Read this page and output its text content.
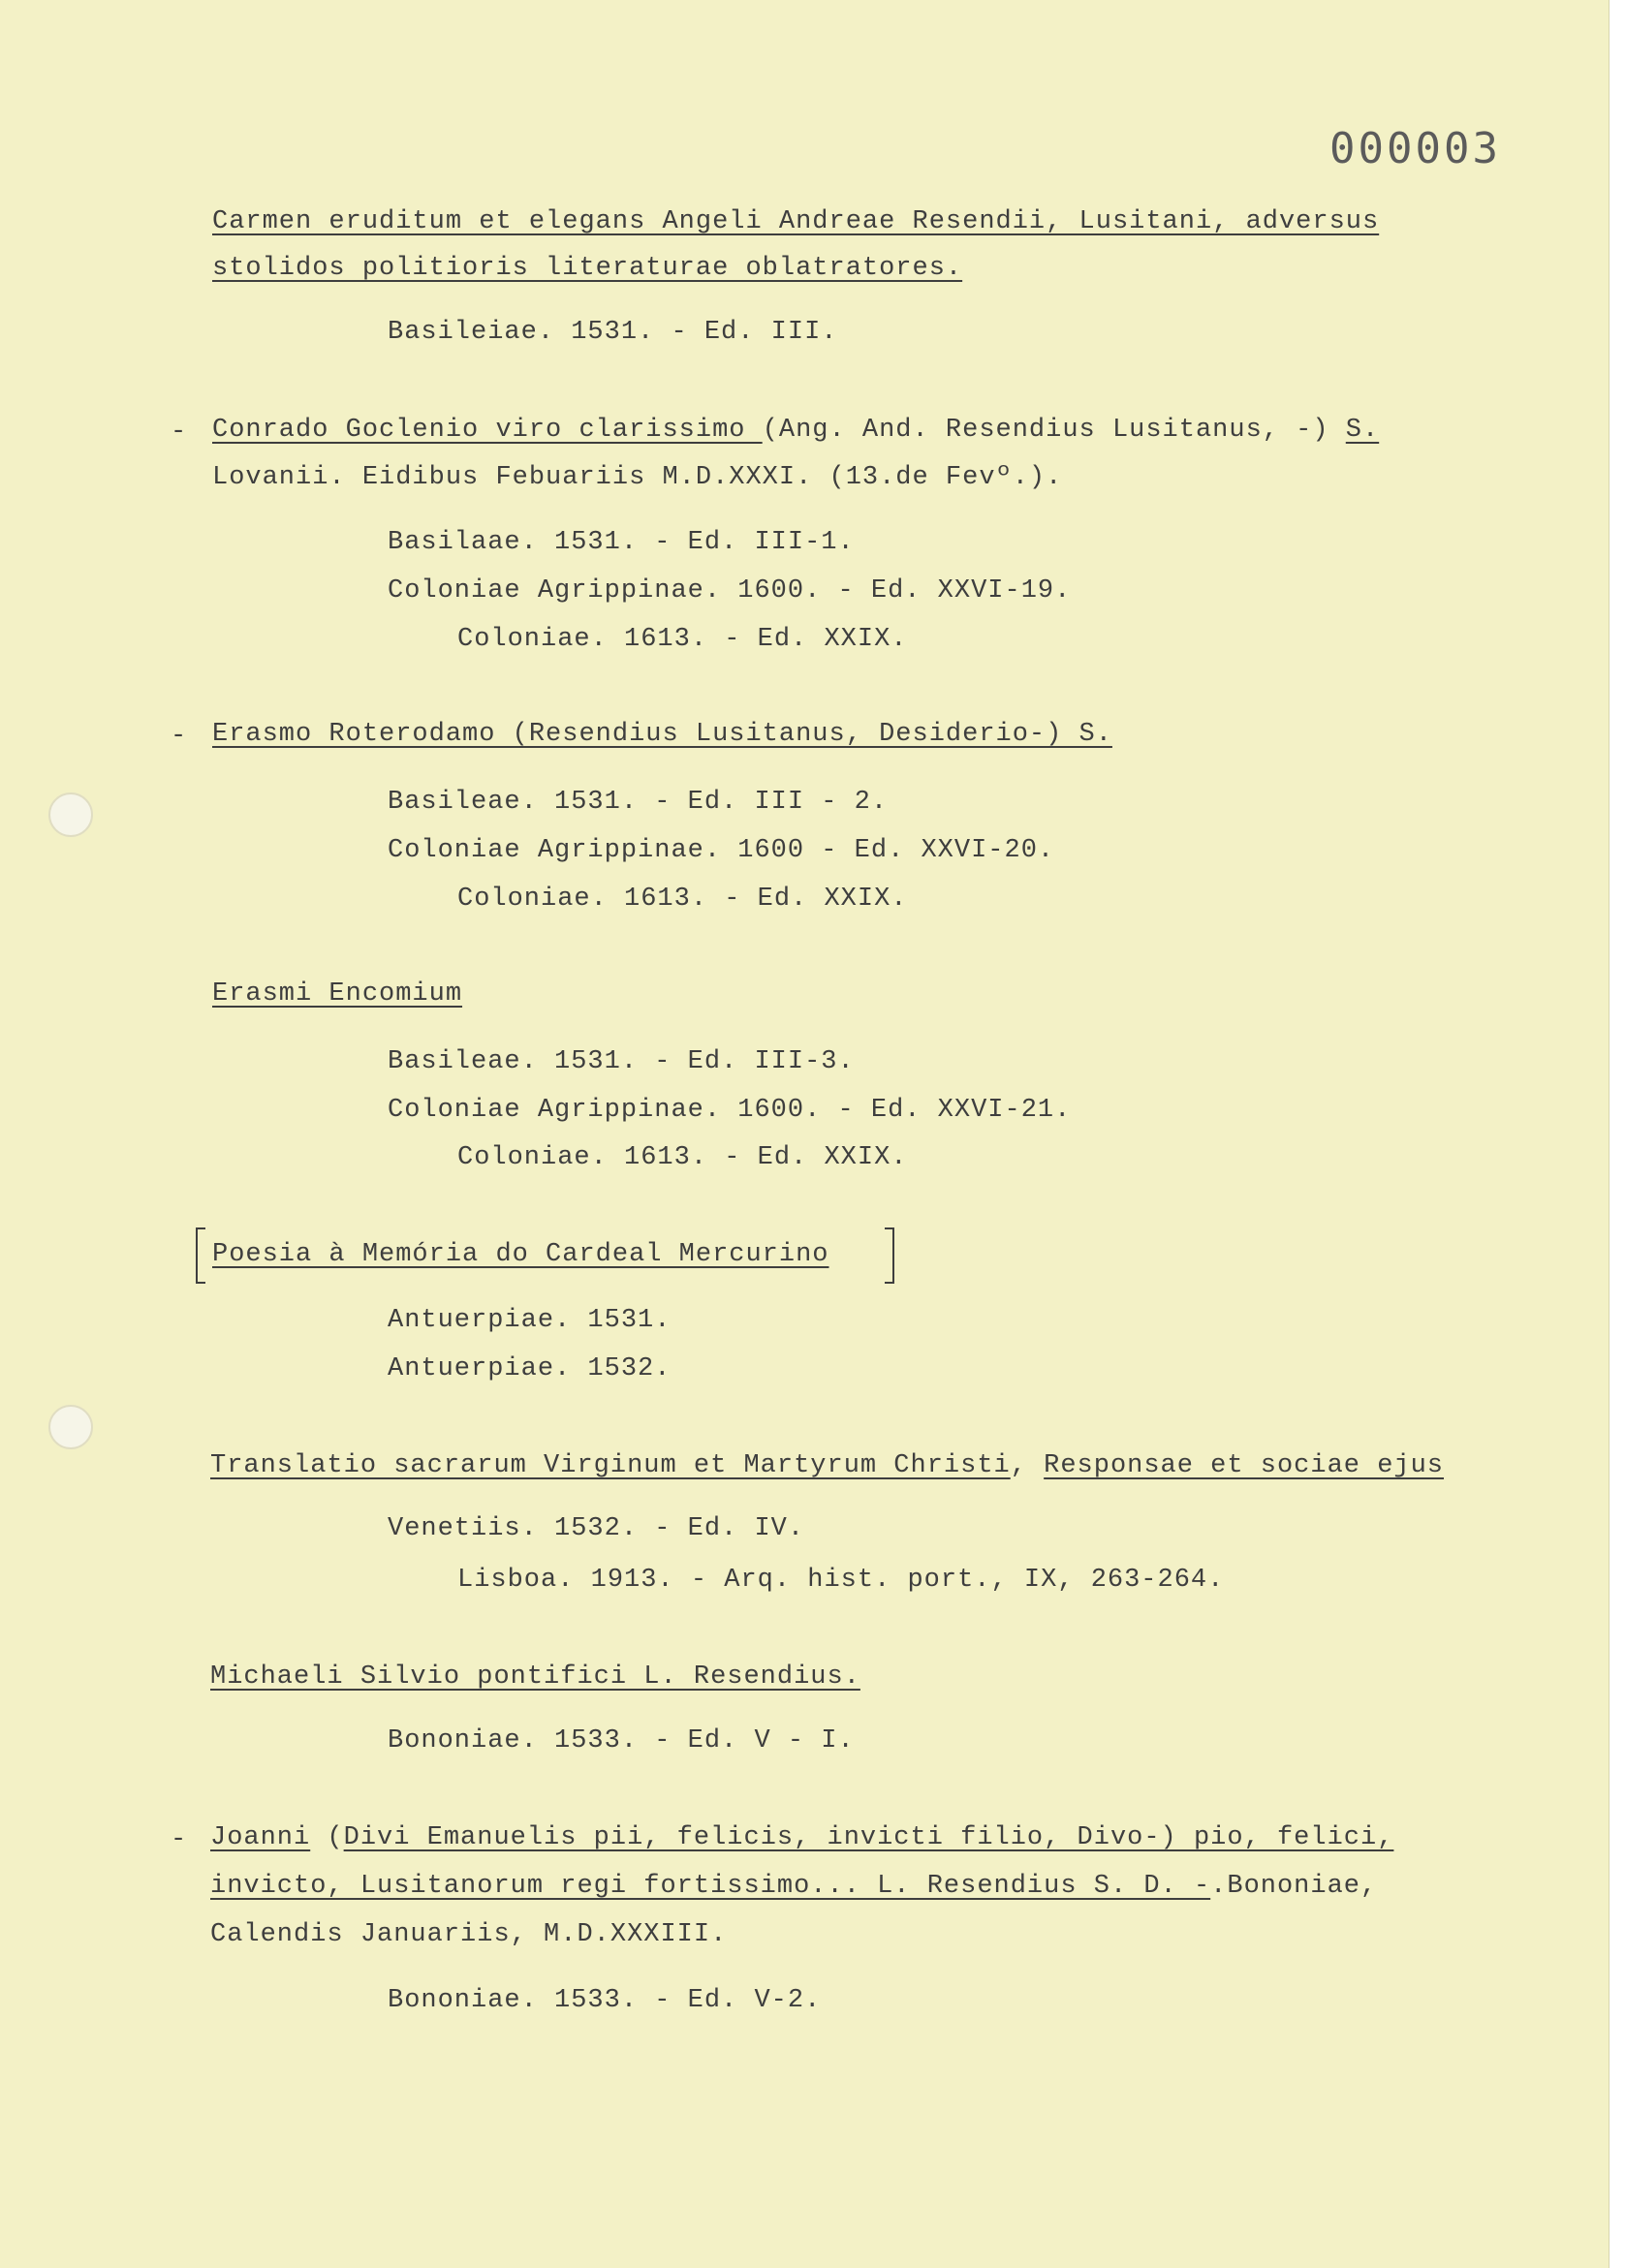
000003
Carmen eruditum et elegans Angeli Andreae Resendii, Lusitani, adversus
stolidos politioris literaturae oblatratores.
Basileiae. 1531. - Ed. III.
- Conrado Goclenio viro clarissimo (Ang. And. Resendius Lusitanus, -) S.
Lovanii. Eidibus Febuariis M.D.XXXI. (13.de Fevº.).
Basilaae. 1531. - Ed. III-1.
Coloniae Agrippinae. 1600. - Ed. XXVI-19.
Coloniae. 1613. - Ed. XXIX.
- Erasmo Roterodamo (Resendius Lusitanus, Desiderio-) S.
Basileae. 1531. - Ed. III - 2.
Coloniae Agrippinae. 1600 - Ed. XXVI-20.
Coloniae. 1613. - Ed. XXIX.
Erasmi Encomium
Basileae. 1531. - Ed. III-3.
Coloniae Agrippinae. 1600. - Ed. XXVI-21.
Coloniae. 1613. - Ed. XXIX.
Poesia à Memória do Cardeal Mercurino
Antuerpiae. 1531.
Antuerpiae. 1532.
Translatio sacrarum Virginum et Martyrum Christi, Responsae et sociae ejus
Venetiis. 1532. - Ed. IV.
Lisboa. 1913. - Arq. hist. port., IX, 263-264.
Michaeli Silvio pontifici L. Resendius.
Bononiae. 1533. - Ed. V - I.
- Joanni (Divi Emanuelis pii, felicis, invicti filio, Divo-) pio, felici,
invicto, Lusitanorum regi fortissimo... L. Resendius S. D. -.Bononiae,
Calendis Januariis, M.D.XXXIII.
Bononiae. 1533. - Ed. V-2.
